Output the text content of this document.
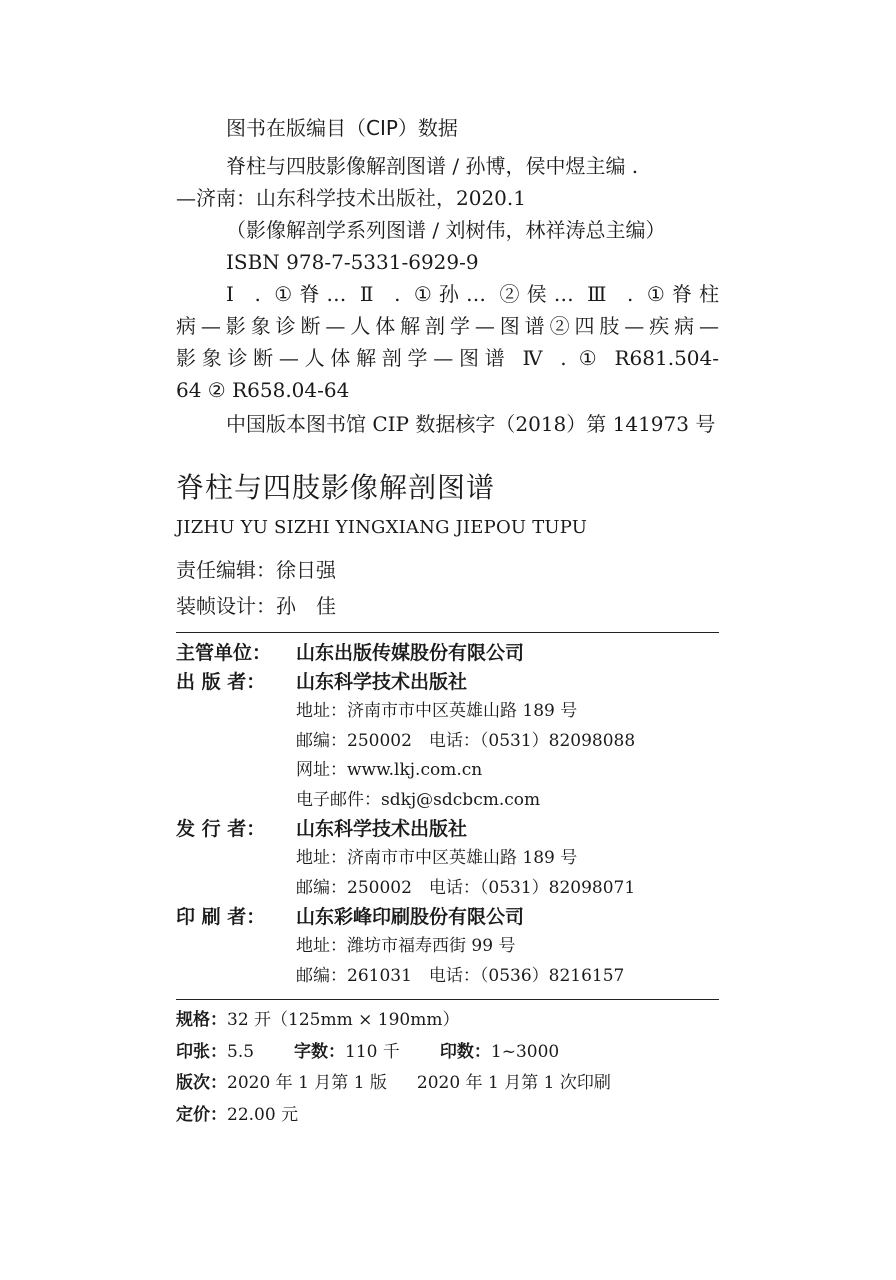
图书在版编目（CIP）数据

脊柱与四肢影像解剖图谱 / 孙博，侯中煜主编 .

—济南：山东科学技术出版社，2020.1

（影像解剖学系列图谱 / 刘树伟，林祥涛总主编）

ISBN 978-7-5331-6929-9

Ⅰ . ①脊… Ⅱ . ①孙… ②侯… Ⅲ . ①脊柱

病—影象诊断—人体解剖学—图谱②四肢—疾病—

影象诊断—人体解剖学—图谱 Ⅳ . ① R681.504-

64 ② R658.04-64

中国版本图书馆 CIP 数据核字（2018）第 141973 号

脊柱与四肢影像解剖图谱
JIZHU YU SIZHI YINGXIANG JIEPOU TUPU
责任编辑：徐日强
装帧设计：孙　佳
主管单位：	山东出版传媒股份有限公司
出 版 者：	山东科学技术出版社
地址：济南市市中区英雄山路 189 号
邮编：250002　电话：（0531）82098088
网址：www.lkj.com.cn
电子邮件：sdkj@sdcbcm.com
发 行 者：	山东科学技术出版社
地址：济南市市中区英雄山路 189 号
邮编：250002　电话：（0531）82098071
印 刷 者：	山东彩峰印刷股份有限公司
地址：潍坊市福寿西街 99 号
邮编：261031　电话：（0536）8216157
规格：32 开（125mm × 190mm）
印张：5.5 字数：110 千 印数：1~3000
版次：2020 年 1 月第 1 版 2020 年 1 月第 1 次印刷
定价：22.00 元
